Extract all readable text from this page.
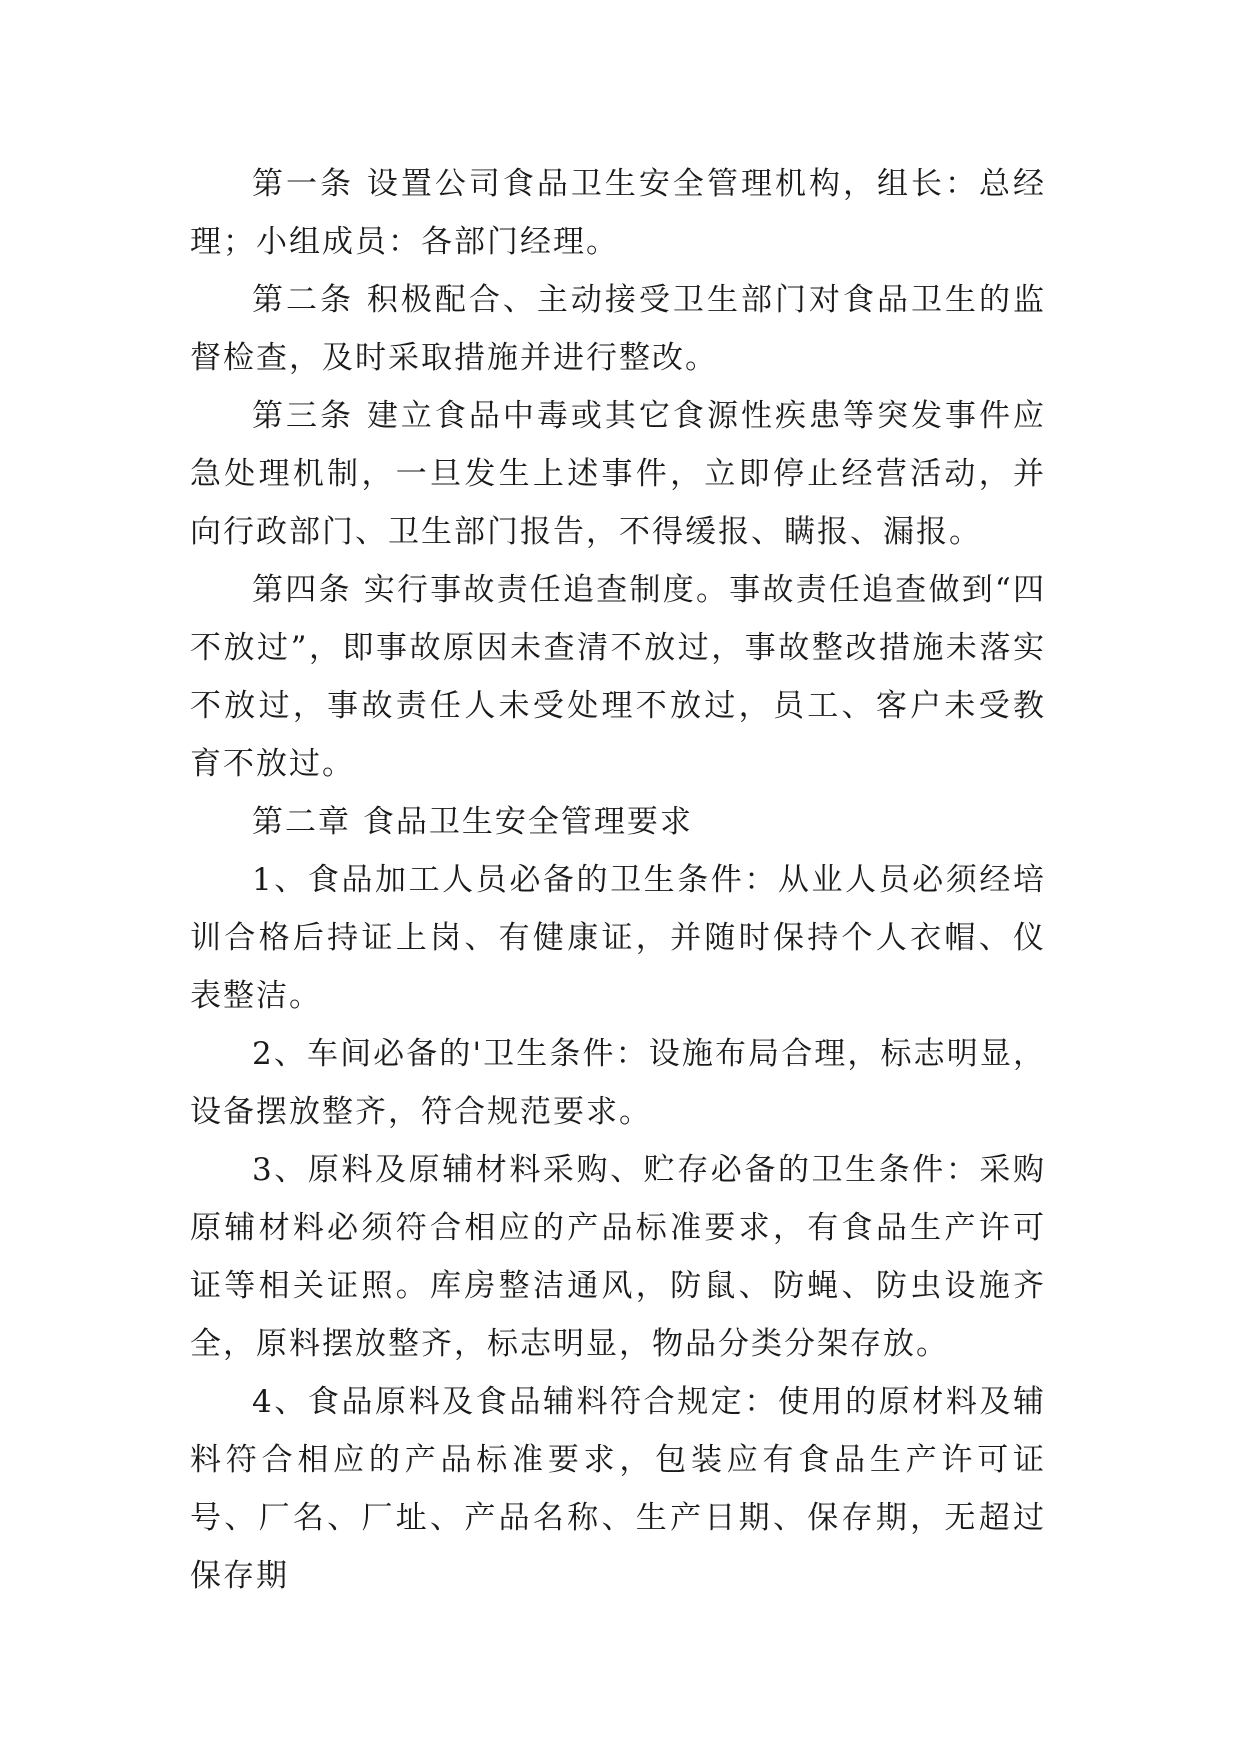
第一条 设置公司食品卫生安全管理机构，组长：总经理；小组成员：各部门经理。

第二条 积极配合、主动接受卫生部门对食品卫生的监督检查，及时采取措施并进行整改。

第三条 建立食品中毒或其它食源性疾患等突发事件应急处理机制，一旦发生上述事件，立即停止经营活动，并向行政部门、卫生部门报告，不得缓报、瞒报、漏报。

第四条 实行事故责任追查制度。事故责任追查做到“四不放过”，即事故原因未查清不放过，事故整改措施未落实不放过，事故责任人未受处理不放过，员工、客户未受教育不放过。

第二章 食品卫生安全管理要求

1、食品加工人员必备的卫生条件：从业人员必须经培训合格后持证上岗、有健康证，并随时保持个人衣帽、仪表整洁。

2、车间必备的'卫生条件：设施布局合理，标志明显，设备摆放整齐，符合规范要求。

3、原料及原辅材料采购、贮存必备的卫生条件：采购原辅材料必须符合相应的产品标准要求，有食品生产许可证等相关证照。库房整洁通风，防鼠、防蝇、防虫设施齐全，原料摆放整齐，标志明显，物品分类分架存放。

4、食品原料及食品辅料符合规定：使用的原材料及辅料符合相应的产品标准要求，包装应有食品生产许可证号、厂名、厂址、产品名称、生产日期、保存期，无超过保存期
